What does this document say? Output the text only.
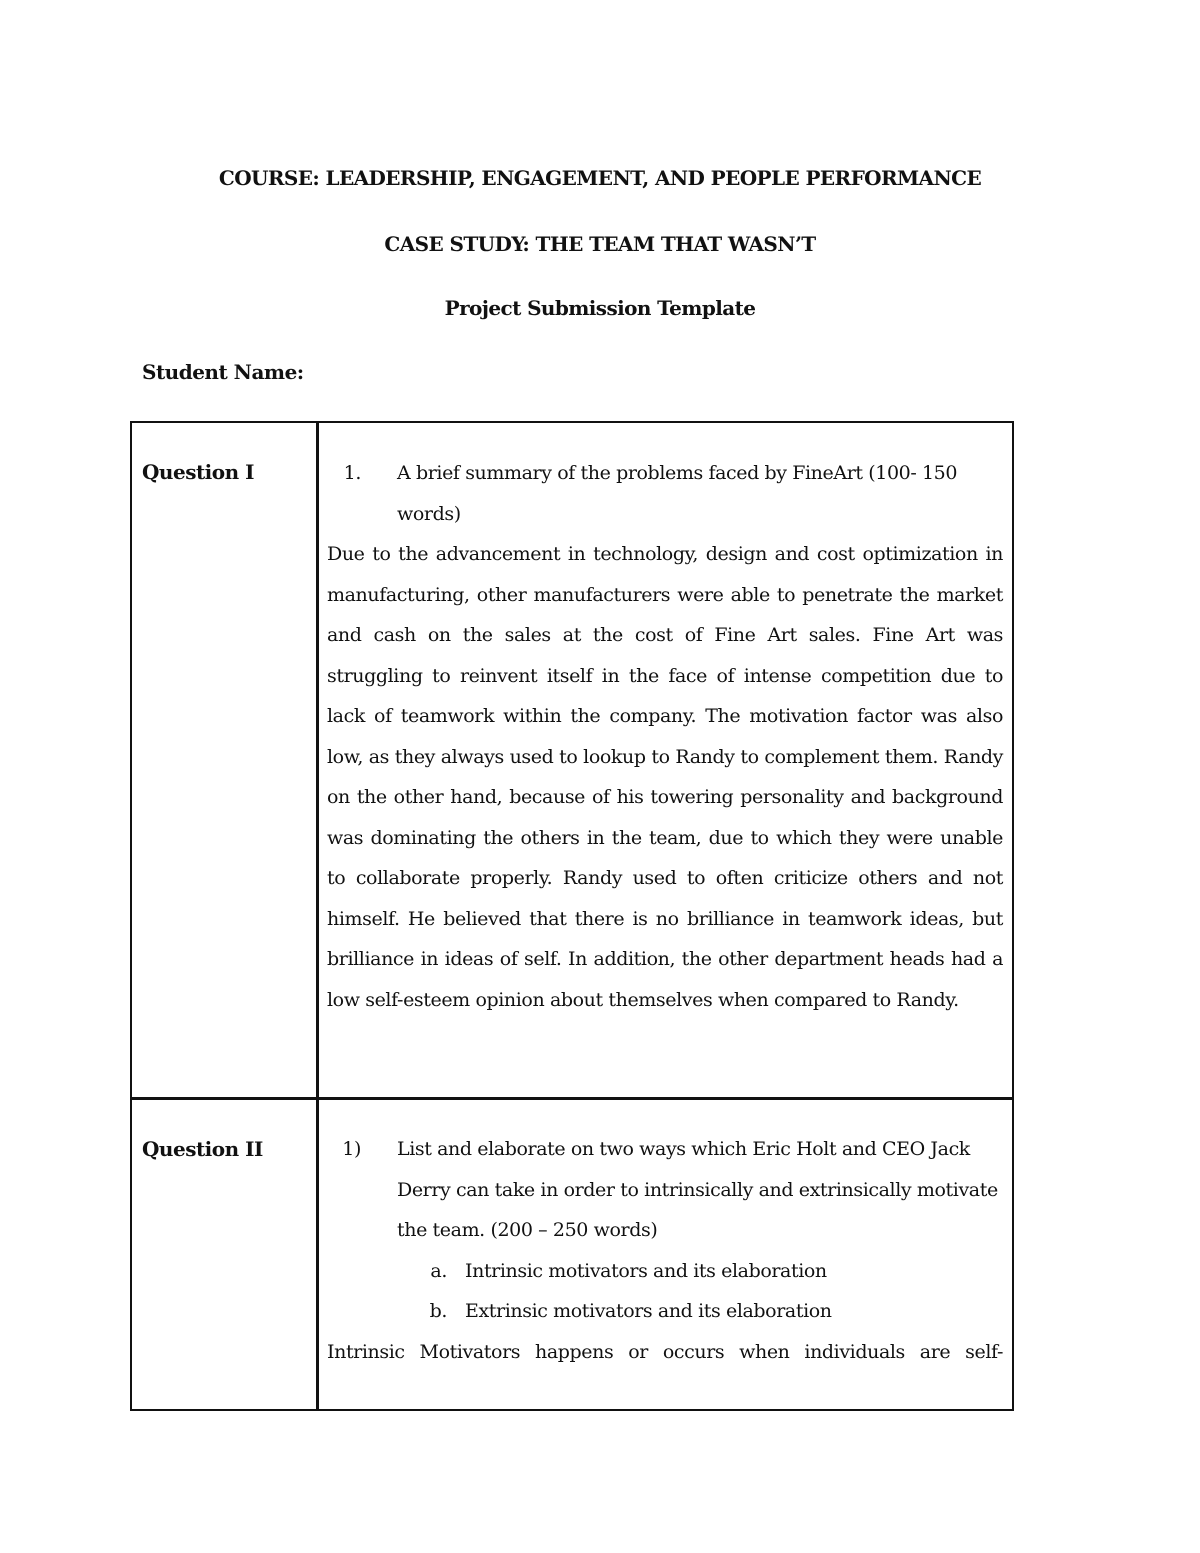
COURSE: LEADERSHIP, ENGAGEMENT, AND PEOPLE PERFORMANCE
CASE STUDY: THE TEAM THAT WASN’T
Project Submission Template
Student Name:
Question I	1.	A brief summary of the problems faced by FineArt (100- 150 words)
Due to the advancement in technology, design and cost optimization in manufacturing, other manufacturers were able to penetrate the market and cash on the sales at the cost of Fine Art sales. Fine Art was struggling to reinvent itself in the face of intense competition due to lack of teamwork within the company. The motivation factor was also low, as they always used to lookup to Randy to complement them. Randy on the other hand, because of his towering personality and background was dominating the others in the team, due to which they were unable to collaborate properly. Randy used to often criticize others and not himself. He believed that there is no brilliance in teamwork ideas, but brilliance in ideas of self. In addition, the other department heads had a low self-esteem opinion about themselves when compared to Randy.
Question II	1)	List and elaborate on two ways which Eric Holt and CEO Jack Derry can take in order to intrinsically and extrinsically motivate the team. (200 – 250 words)
a. Intrinsic motivators and its elaboration
b. Extrinsic motivators and its elaboration
Intrinsic Motivators happens or occurs when individuals are self-
